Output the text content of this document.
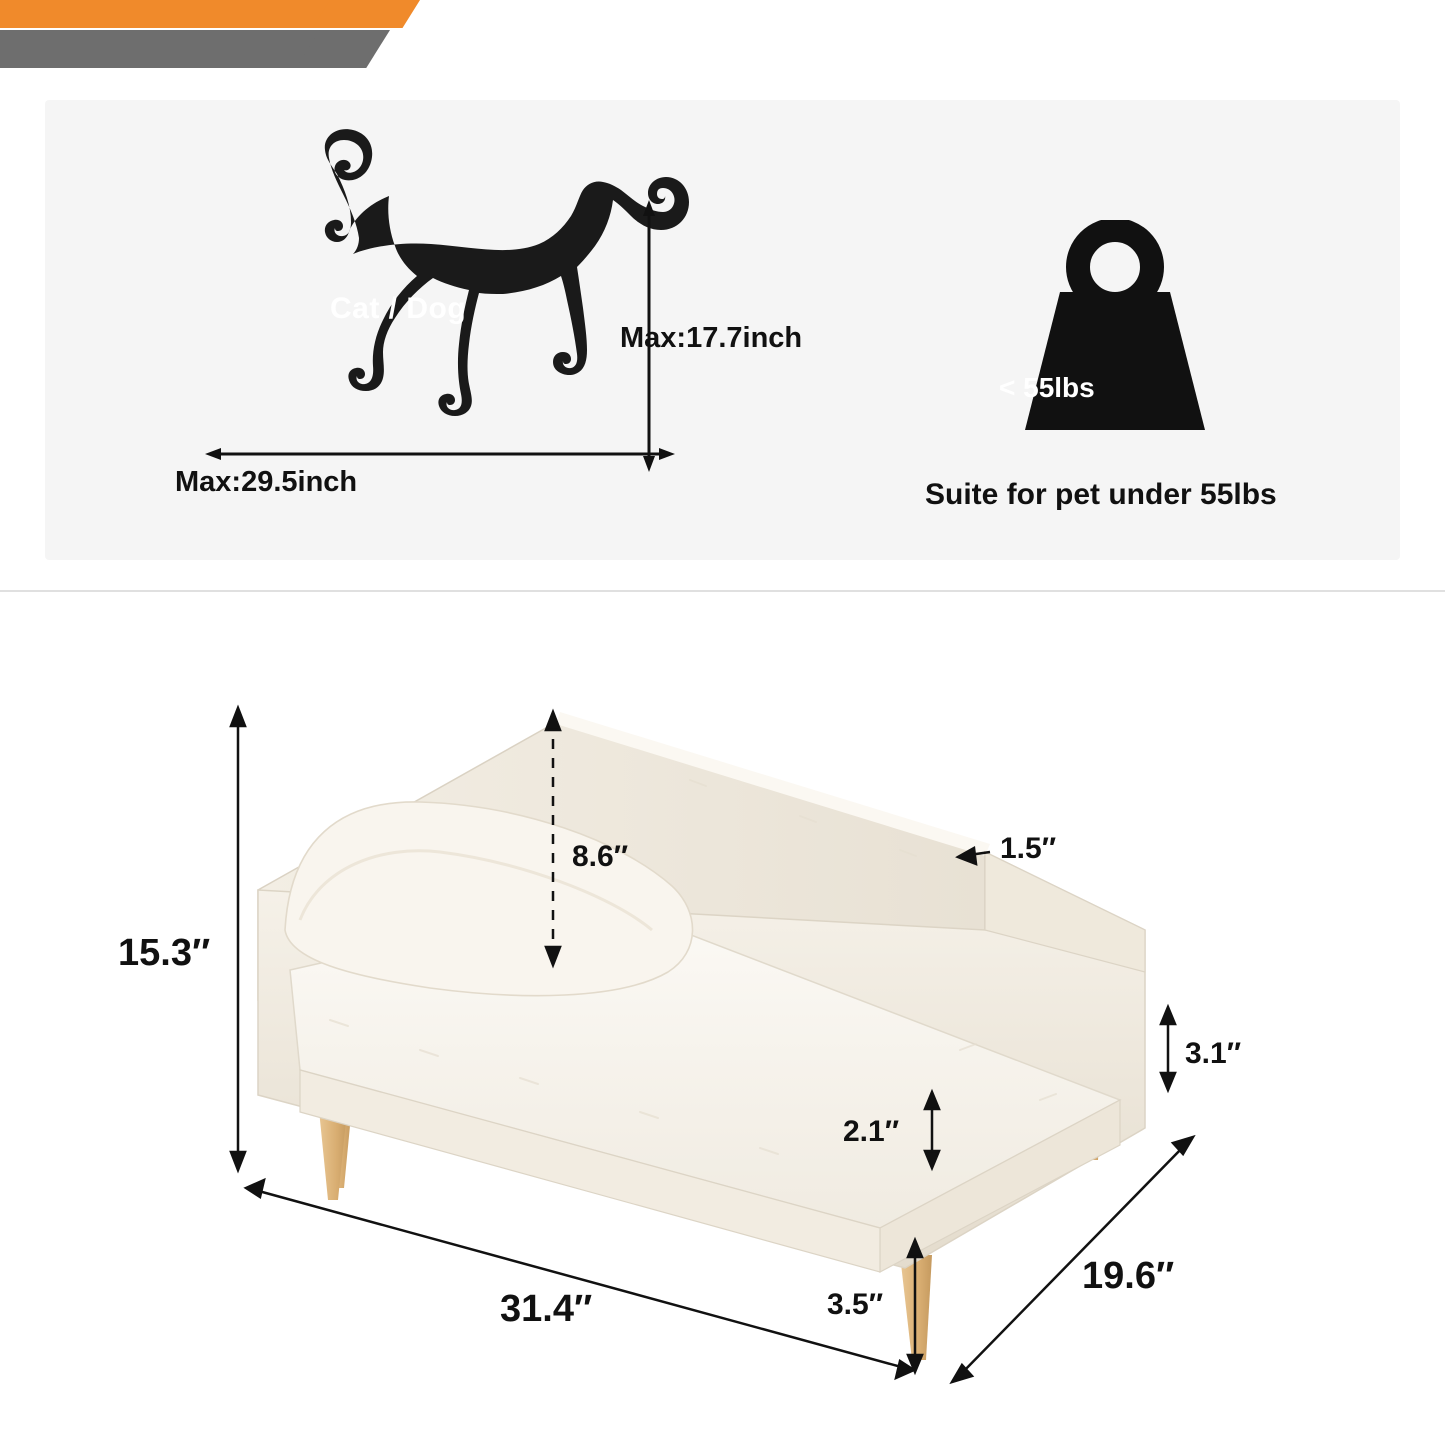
Cat / Dog
Max:29.5inch
Max:17.7inch
< 55lbs
Suite for pet under 55lbs
15.3″
8.6″	1.5″
3.1″
2.1″
31.4″	3.5″
19.6″
